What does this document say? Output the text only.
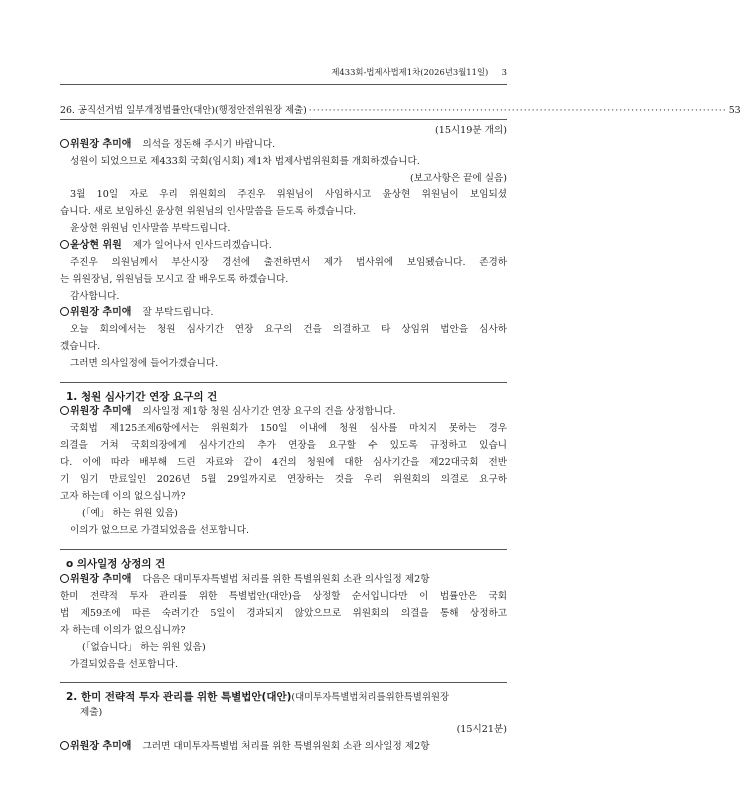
제433회-법제사법제1차(2026년3월11일) 3
26. 공직선거법 일부개정법률안(대안)(행정안전위원장 제출) ········································································································· 53
(15시19분 개의)
위원장 추미애 의석을 정돈해 주시기 바랍니다.
성원이 되었으므로 제433회 국회(임시회) 제1차 법제사법위원회를 개회하겠습니다.
(보고사항은 끝에 실음)
3월 10일 자로 우리 위원회의 주진우 위원님이 사임하시고 윤상현 위원님이 보임되셨
습니다. 새로 보임하신 윤상현 위원님의 인사말씀을 듣도록 하겠습니다.
윤상현 위원님 인사말씀 부탁드립니다.
윤상현 위원 제가 일어나서 인사드리겠습니다.
주진우 의원님께서 부산시장 경선에 출전하면서 제가 법사위에 보임됐습니다. 존경하
는 위원장님, 위원님들 모시고 잘 배우도록 하겠습니다.
감사합니다.
위원장 추미애 잘 부탁드립니다.
오늘 회의에서는 청원 심사기간 연장 요구의 건을 의결하고 타 상임위 법안을 심사하
겠습니다.
그러면 의사일정에 들어가겠습니다.
1. 청원 심사기간 연장 요구의 건
위원장 추미애 의사일정 제1항 청원 심사기간 연장 요구의 건을 상정합니다.
국회법 제125조제6항에서는 위원회가 150일 이내에 청원 심사를 마치지 못하는 경우
의결을 거쳐 국회의장에게 심사기간의 추가 연장을 요구할 수 있도록 규정하고 있습니
다. 이에 따라 배부해 드린 자료와 같이 4건의 청원에 대한 심사기간을 제22대국회 전반
기 임기 만료일인 2026년 5월 29일까지로 연장하는 것을 우리 위원회의 의결로 요구하
고자 하는데 이의 없으십니까?
(「예」 하는 위원 있음)
이의가 없으므로 가결되었음을 선포합니다.
o 의사일정 상정의 건
위원장 추미애 다음은 대미투자특별법 처리를 위한 특별위원회 소관 의사일정 제2항
한미 전략적 투자 관리를 위한 특별법안(대안)을 상정할 순서입니다만 이 법률안은 국회
법 제59조에 따른 숙려기간 5일이 경과되지 않았으므로 위원회의 의결을 통해 상정하고
자 하는데 이의가 없으십니까?
(「없습니다」 하는 위원 있음)
가결되었음을 선포합니다.
2. 한미 전략적 투자 관리를 위한 특별법안(대안)(대미투자특별법처리를위한특별위원장
제출)
(15시21분)
위원장 추미애 그러면 대미투자특별법 처리를 위한 특별위원회 소관 의사일정 제2항
